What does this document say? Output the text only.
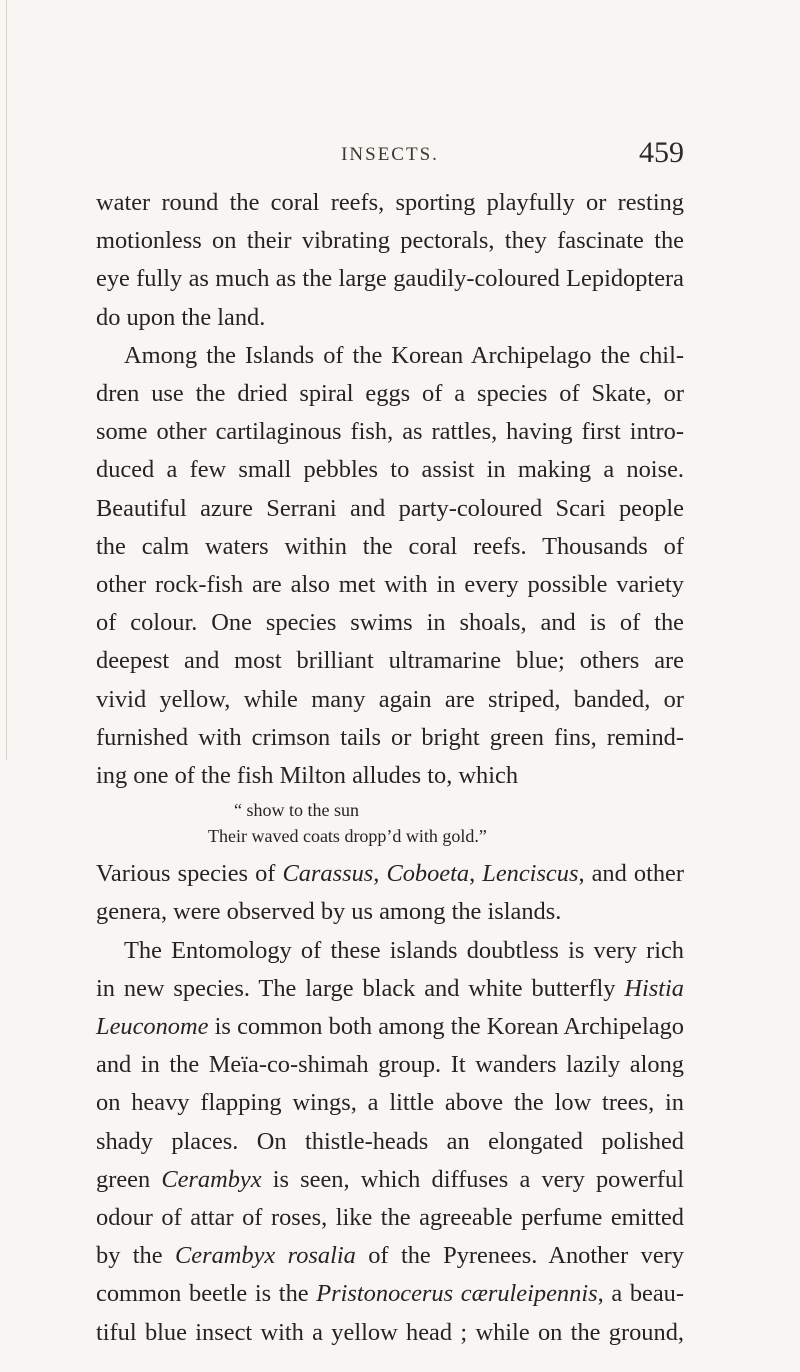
INSECTS.	459
water round the coral reefs, sporting playfully or resting
motionless on their vibrating pectorals, they fascinate the
eye fully as much as the large gaudily-coloured Lepidoptera
do upon the land.
Among the Islands of the Korean Archipelago the chil-
dren use the dried spiral eggs of a species of Skate, or
some other cartilaginous fish, as rattles, having first intro-
duced a few small pebbles to assist in making a noise.
Beautiful azure Serrani and party-coloured Scari people
the calm waters within the coral reefs. Thousands of
other rock-fish are also met with in every possible variety
of colour. One species swims in shoals, and is of the
deepest and most brilliant ultramarine blue; others are
vivid yellow, while many again are striped, banded, or
furnished with crimson tails or bright green fins, remind-
ing one of the fish Milton alludes to, which
“ show to the sun
Their waved coats dropp’d with gold.”
Various species of Carassus, Coboeta, Lenciscus, and other
genera, were observed by us among the islands.
The Entomology of these islands doubtless is very rich
in new species. The large black and white butterfly Histia
Leuconome is common both among the Korean Archipelago
and in the Meïa-co-shimah group. It wanders lazily along
on heavy flapping wings, a little above the low trees, in
shady places. On thistle-heads an elongated polished
green Cerambyx is seen, which diffuses a very powerful
odour of attar of roses, like the agreeable perfume emitted
by the Cerambyx rosalia of the Pyrenees. Another very
common beetle is the Pristonocerus cæruleipennis, a beau-
tiful blue insect with a yellow head ; while on the ground,
